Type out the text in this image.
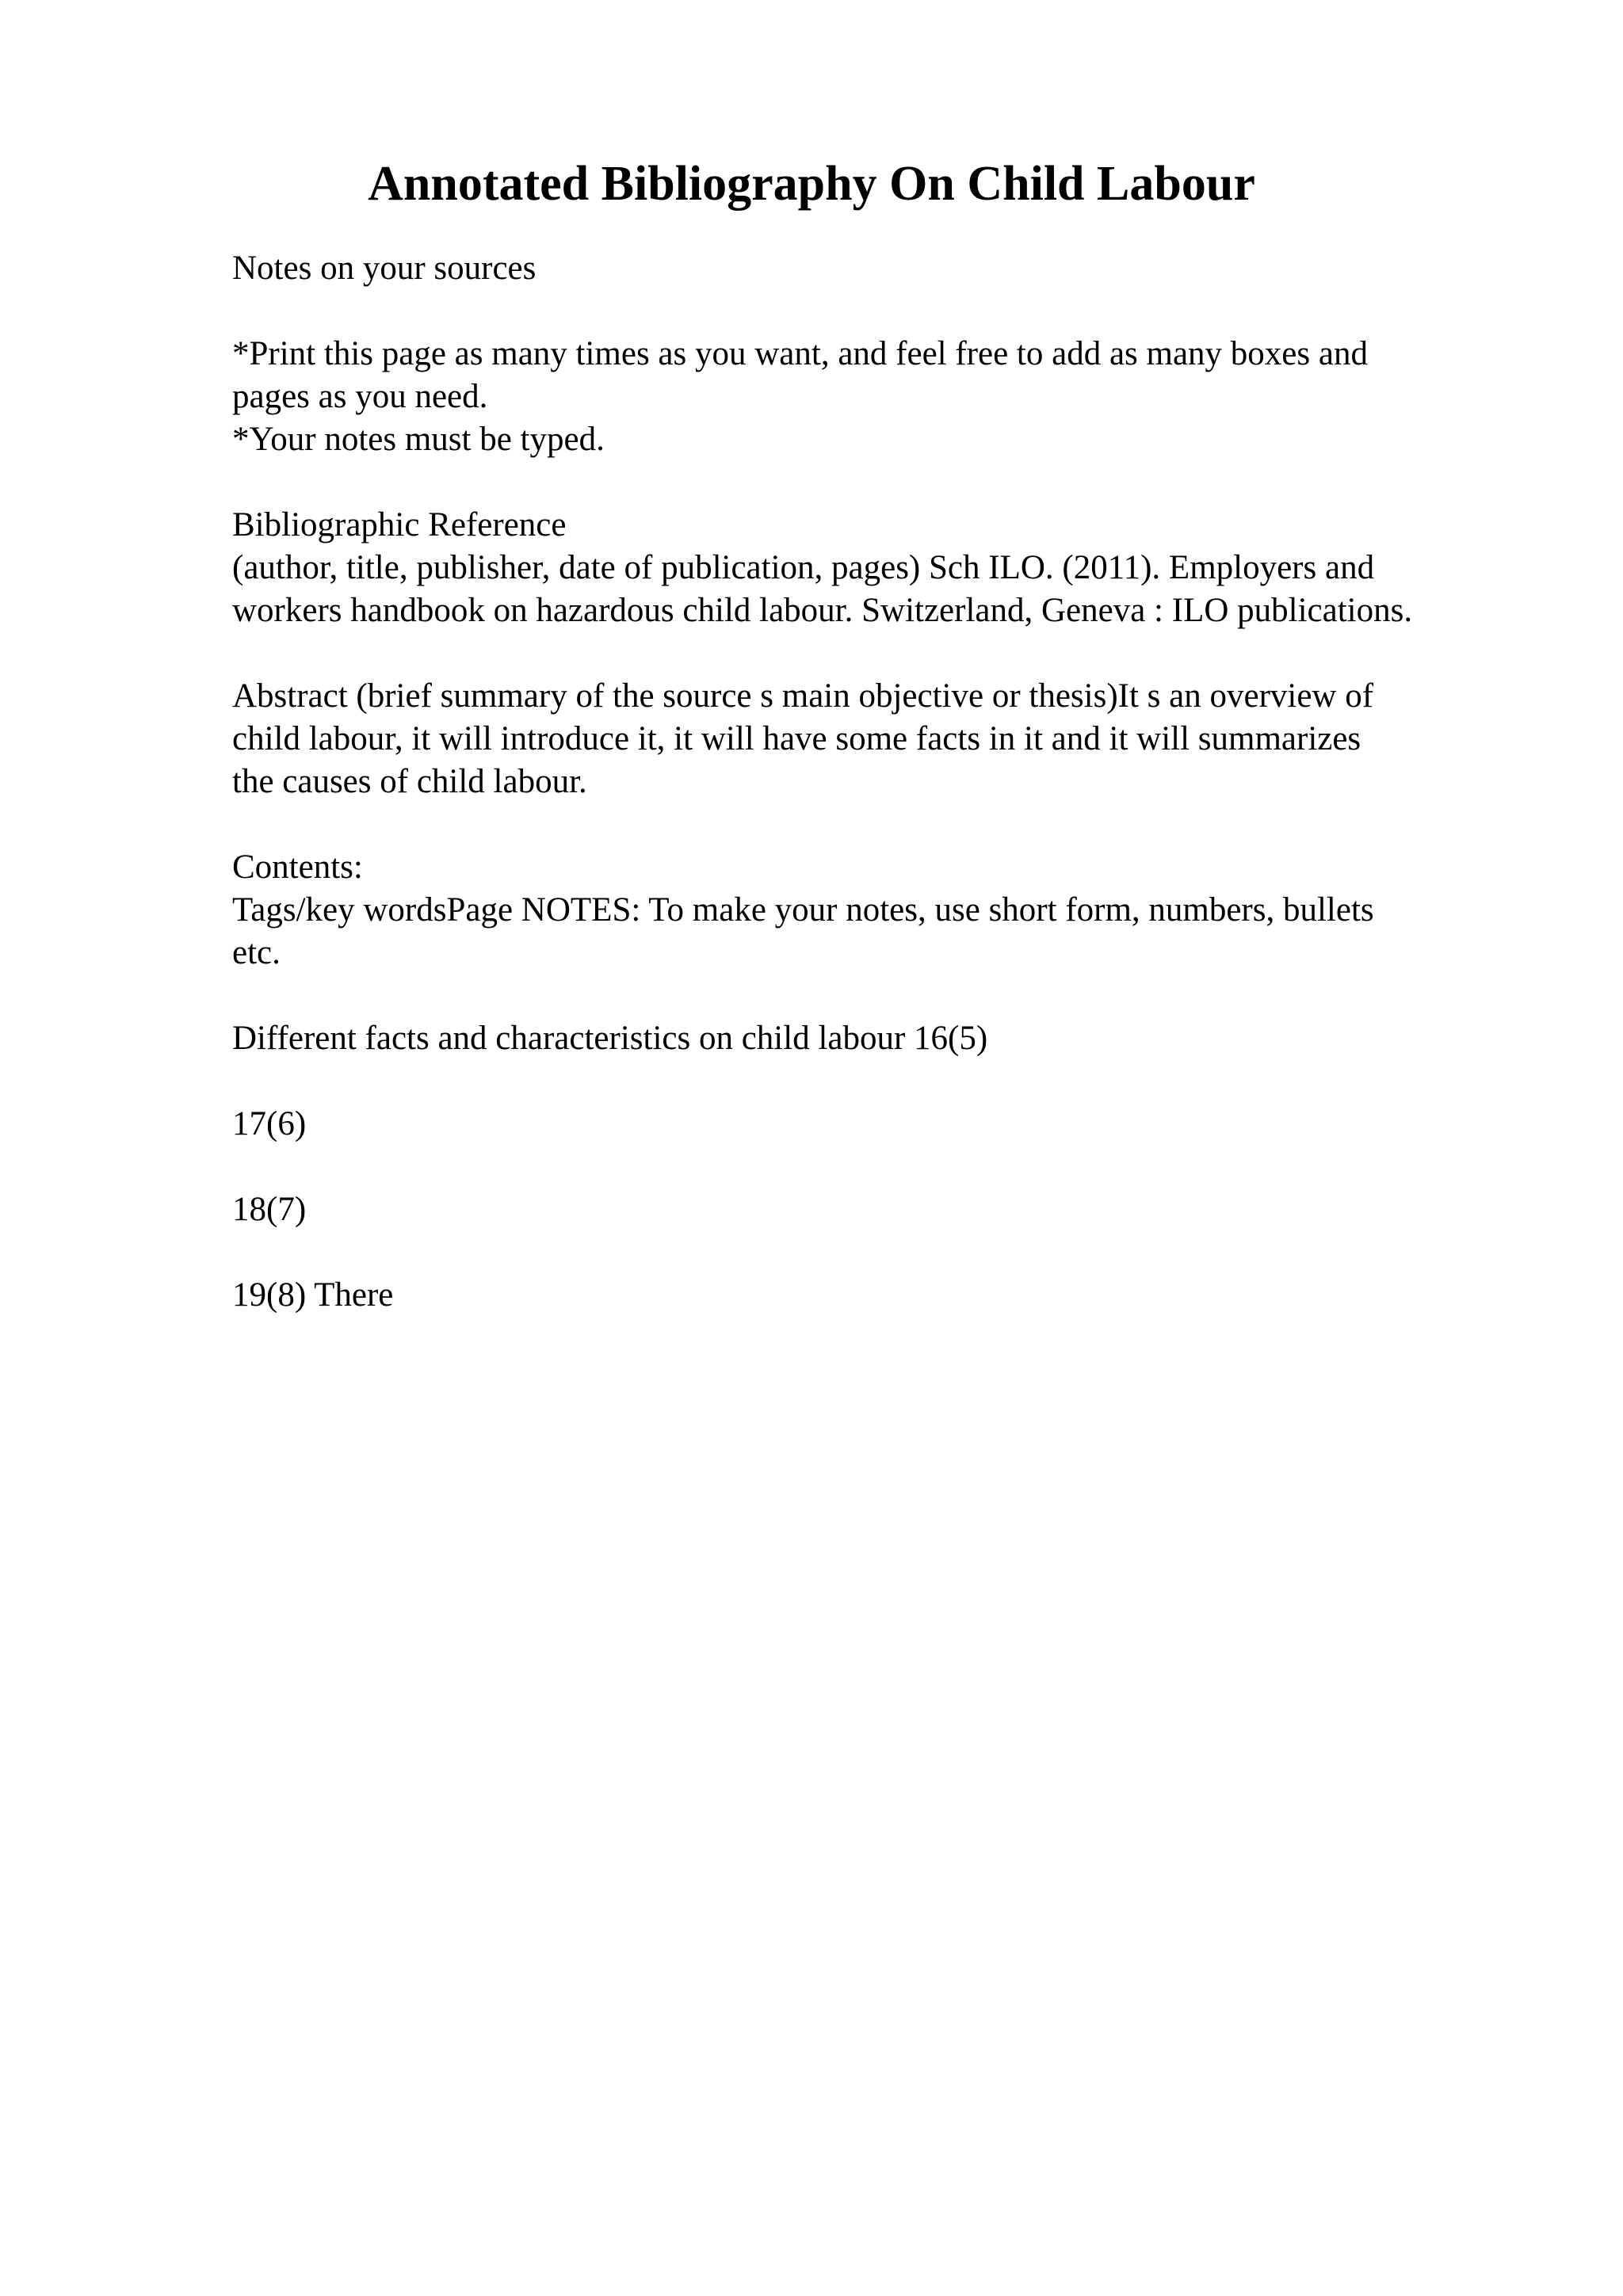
Annotated Bibliography On Child Labour
Notes on your sources
*Print this page as many times as you want, and feel free to add as many boxes and
pages as you need.
*Your notes must be typed.
Bibliographic Reference
(author, title, publisher, date of publication, pages) Sch ILO. (2011). Employers and
workers handbook on hazardous child labour. Switzerland, Geneva : ILO publications.
Abstract (brief summary of the source s main objective or thesis)It s an overview of
child labour, it will introduce it, it will have some facts in it and it will summarizes
the causes of child labour.
Contents:
Tags/key wordsPage NOTES: To make your notes, use short form, numbers, bullets
etc.
Different facts and characteristics on child labour 16(5)
17(6)
18(7)
19(8) There
